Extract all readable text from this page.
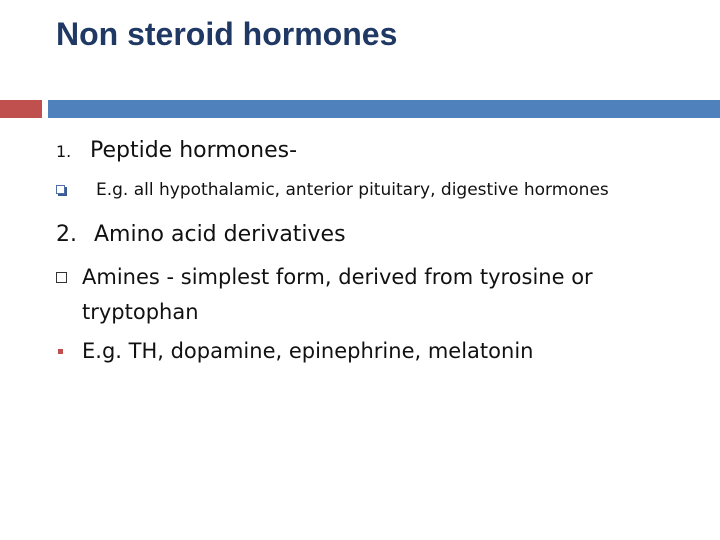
Non steroid hormones
1. Peptide hormones-
E.g. all hypothalamic, anterior pituitary, digestive hormones
2. Amino acid derivatives
Amines - simplest form, derived from tyrosine or tryptophan
E.g. TH, dopamine, epinephrine, melatonin
